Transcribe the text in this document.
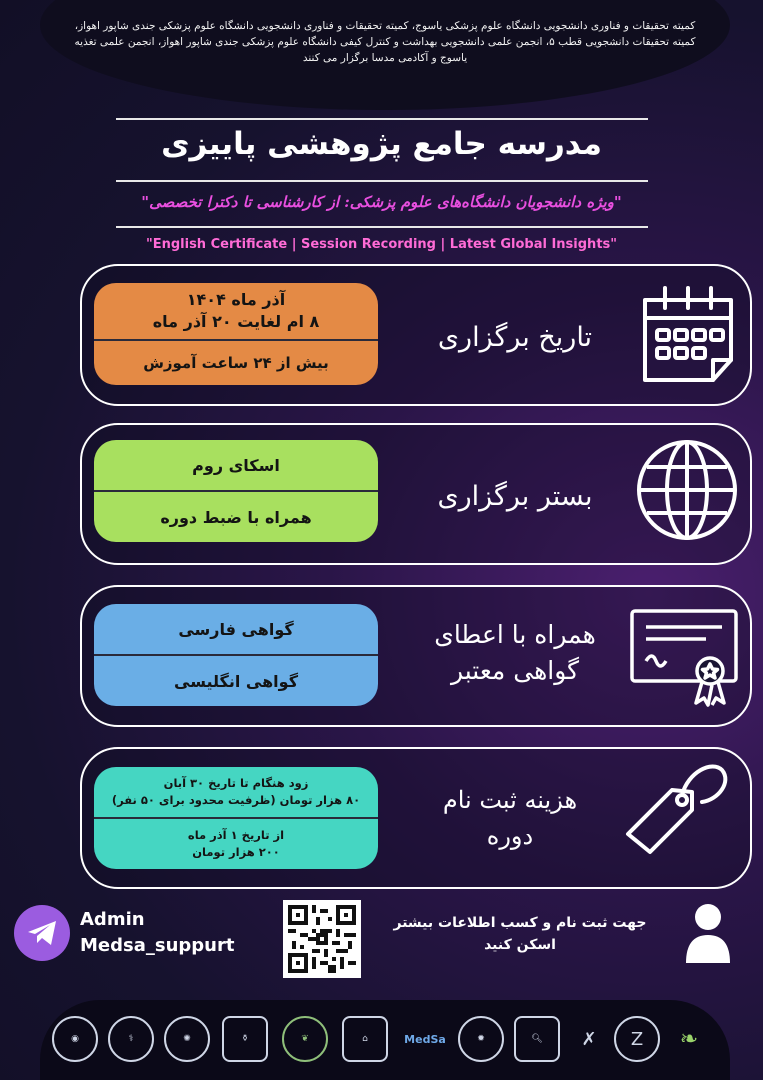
کمیته تحقیقات و فناوری دانشجویی دانشگاه علوم پزشکی یاسوج، کمیته تحقیقات و فناوری دانشجویی دانشگاه علوم پزشکی جندی شاپور اهواز، کمیته تحقیقات دانشجویی قطب ۵، انجمن علمی دانشجویی بهداشت و کنترل کیفی دانشگاه علوم پزشکی جندی شاپور اهواز، انجمن علمی تغذیه یاسوج و آکادمی مدسا برگزار می کنند
مدرسه جامع پژوهشی پاییزی
"ویژه دانشجویان دانشگاه‌های علوم پزشکی: از کارشناسی تا دکترا تخصصی"
"English Certificate | Session Recording | Latest Global Insights"
آذر ماه ۱۴۰۴
۸ ام لغایت ۲۰ آذر ماه
بیش از ۲۴ ساعت آموزش
تاریخ برگزاری
اسکای روم
همراه با ضبط دوره
بستر برگزاری
گواهی فارسی
گواهی انگلیسی
همراه با اعطای
گواهی معتبر
زود هنگام تا تاریخ ۳۰ آبان
۸۰ هزار تومان (ظرفیت محدود برای ۵۰ نفر)
از تاریخ ۱ آذر ماه
۲۰۰ هزار تومان
هزینه ثبت نام
دوره
Admin
Medsa_suppurt
جهت ثبت نام و کسب اطلاعات بیشتر
اسکن کنید
◉	⚕	✺	⚱	❦	⌂	MedSa	✹	🔍︎	✗	Z	❧
